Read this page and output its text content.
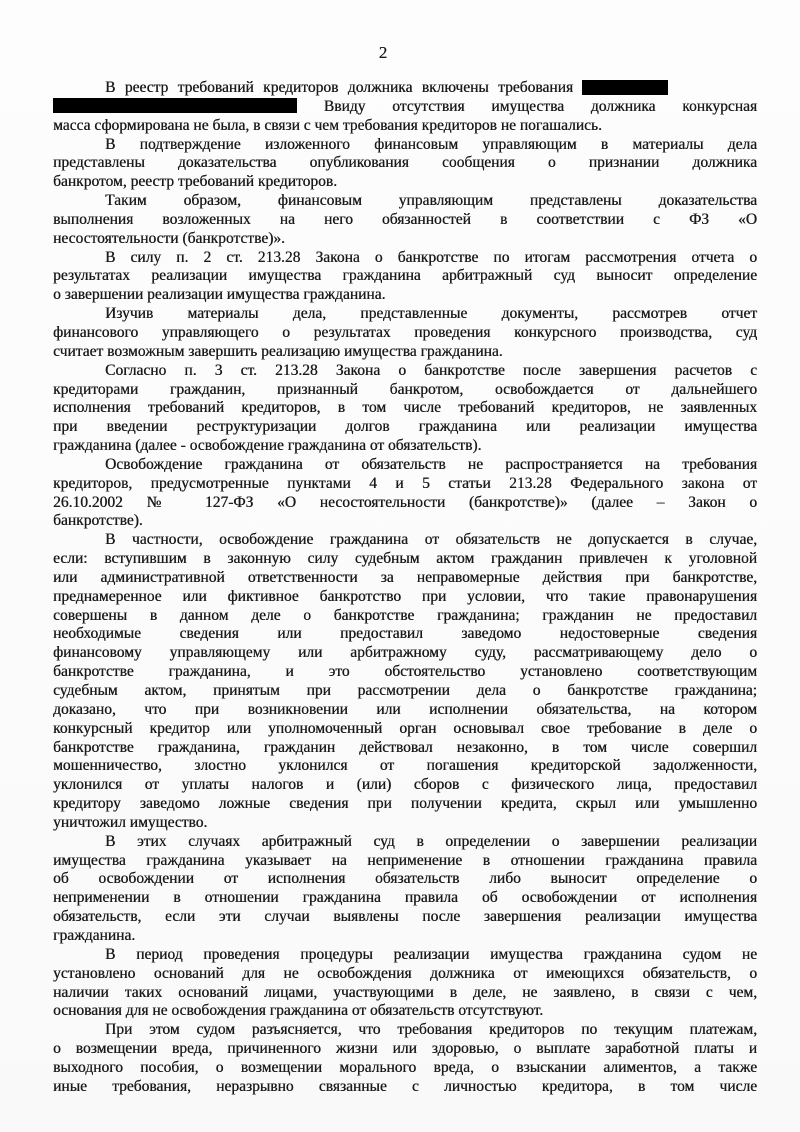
2
В реестр требований кредиторов должника включены требования
Ввиду отсутствия имущества должника конкурсная
масса сформирована не была, в связи с чем требования кредиторов не погашались.
В подтверждение изложенного финансовым управляющим в материалы дела
представлены доказательства опубликования сообщения о признании должника
банкротом, реестр требований кредиторов.
Таким образом, финансовым управляющим представлены доказательства
выполнения возложенных на него обязанностей в соответствии с ФЗ «О
несостоятельности (банкротстве)».
В силу п. 2 ст. 213.28 Закона о банкротстве по итогам рассмотрения отчета о
результатах реализации имущества гражданина арбитражный суд выносит определение
о завершении реализации имущества гражданина.
Изучив материалы дела, представленные документы, рассмотрев отчет
финансового управляющего о результатах проведения конкурсного производства, суд
считает возможным завершить реализацию имущества гражданина.
Согласно п. 3 ст. 213.28 Закона о банкротстве после завершения расчетов с
кредиторами гражданин, признанный банкротом, освобождается от дальнейшего
исполнения требований кредиторов, в том числе требований кредиторов, не заявленных
при введении реструктуризации долгов гражданина или реализации имущества
гражданина (далее - освобождение гражданина от обязательств).
Освобождение гражданина от обязательств не распространяется на требования
кредиторов, предусмотренные пунктами 4 и 5 статьи 213.28 Федерального закона от
26.10.2002 № 127-ФЗ «О несостоятельности (банкротстве)» (далее – Закон о
банкротстве).
В частности, освобождение гражданина от обязательств не допускается в случае,
если: вступившим в законную силу судебным актом гражданин привлечен к уголовной
или административной ответственности за неправомерные действия при банкротстве,
преднамеренное или фиктивное банкротство при условии, что такие правонарушения
совершены в данном деле о банкротстве гражданина; гражданин не предоставил
необходимые сведения или предоставил заведомо недостоверные сведения
финансовому управляющему или арбитражному суду, рассматривающему дело о
банкротстве гражданина, и это обстоятельство установлено соответствующим
судебным актом, принятым при рассмотрении дела о банкротстве гражданина;
доказано, что при возникновении или исполнении обязательства, на котором
конкурсный кредитор или уполномоченный орган основывал свое требование в деле о
банкротстве гражданина, гражданин действовал незаконно, в том числе совершил
мошенничество, злостно уклонился от погашения кредиторской задолженности,
уклонился от уплаты налогов и (или) сборов с физического лица, предоставил
кредитору заведомо ложные сведения при получении кредита, скрыл или умышленно
уничтожил имущество.
В этих случаях арбитражный суд в определении о завершении реализации
имущества гражданина указывает на неприменение в отношении гражданина правила
об освобождении от исполнения обязательств либо выносит определение о
неприменении в отношении гражданина правила об освобождении от исполнения
обязательств, если эти случаи выявлены после завершения реализации имущества
гражданина.
В период проведения процедуры реализации имущества гражданина судом не
установлено оснований для не освобождения должника от имеющихся обязательств, о
наличии таких оснований лицами, участвующими в деле, не заявлено, в связи с чем,
основания для не освобождения гражданина от обязательств отсутствуют.
При этом судом разъясняется, что требования кредиторов по текущим платежам,
о возмещении вреда, причиненного жизни или здоровью, о выплате заработной платы и
выходного пособия, о возмещении морального вреда, о взыскании алиментов, а также
иные требования, неразрывно связанные с личностью кредитора, в том числе
